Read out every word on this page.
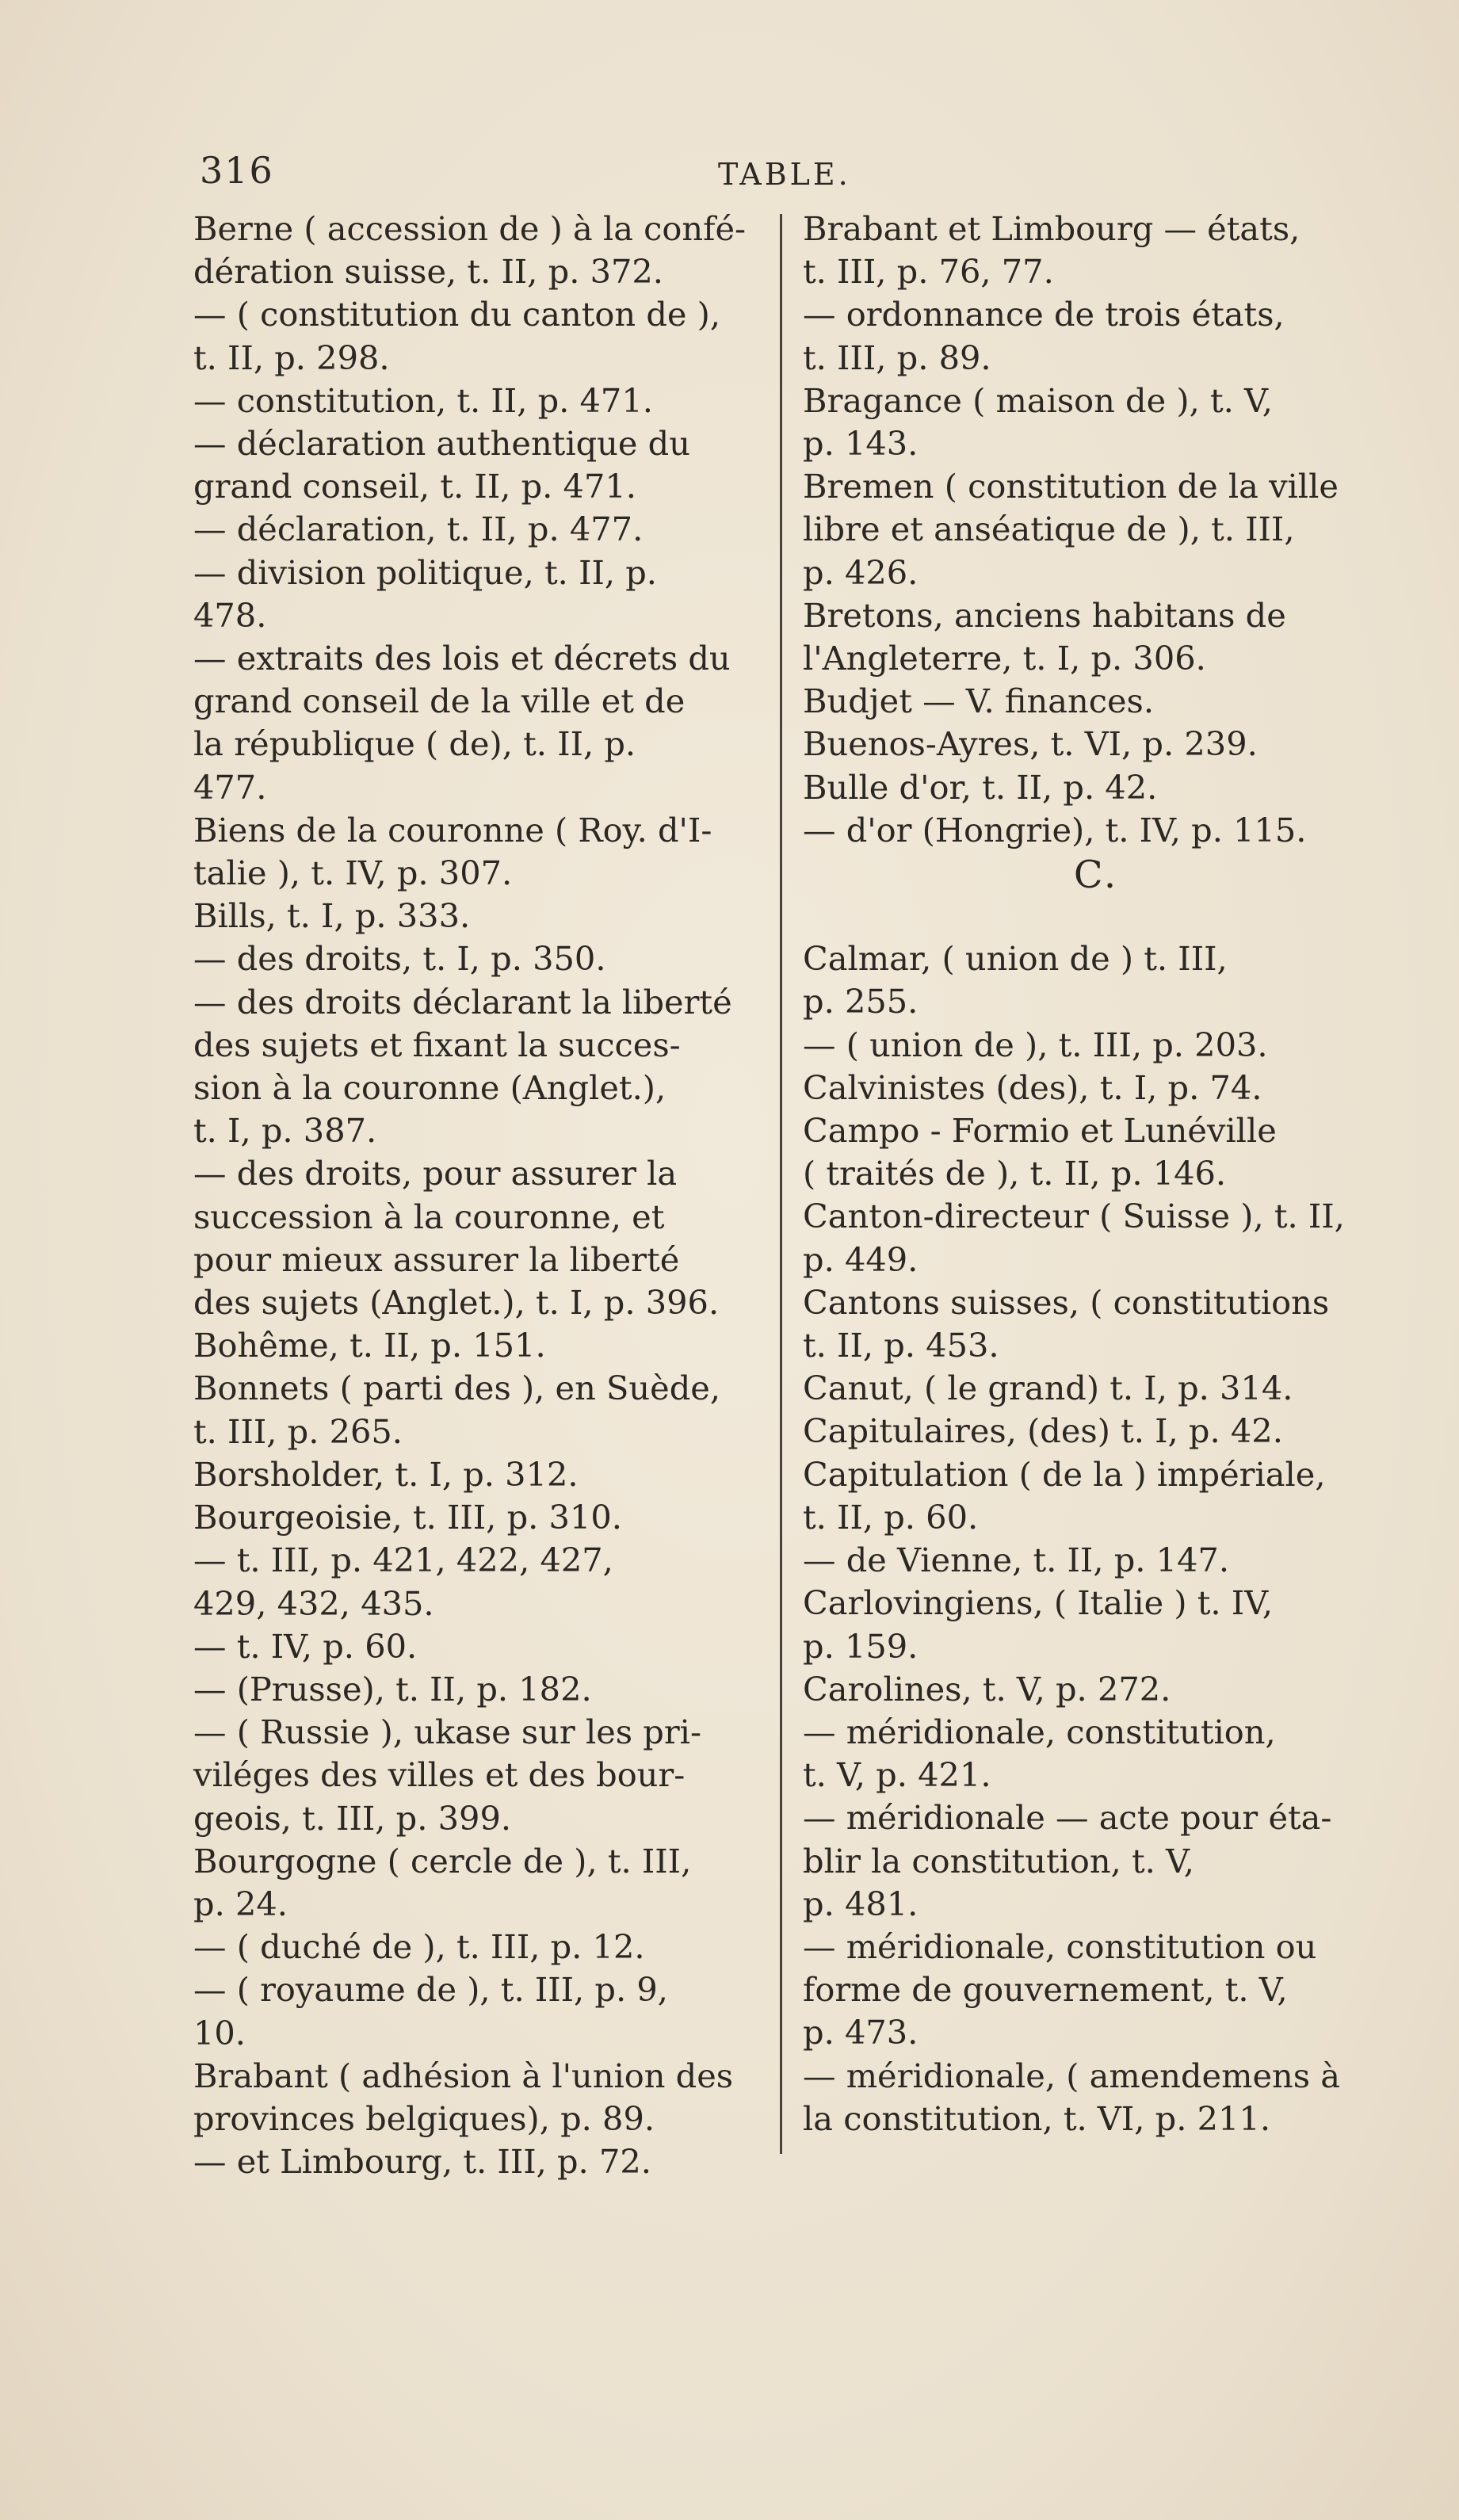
316	TABLE.
Berne ( accession de ) à la confé-
dération suisse, t. II, p. 372.
— ( constitution du canton de ),
t. II, p. 298.
— constitution, t. II, p. 471.
— déclaration authentique du
grand conseil, t. II, p. 471.
— déclaration, t. II, p. 477.
— division politique, t. II, p.
478.
— extraits des lois et décrets du
grand conseil de la ville et de
la république ( de), t. II, p.
477.
Biens de la couronne ( Roy. d'I-
talie ), t. IV, p. 307.
Bills, t. I, p. 333.
— des droits, t. I, p. 350.
— des droits déclarant la liberté
des sujets et fixant la succes-
sion à la couronne (Anglet.),
t. I, p. 387.
— des droits, pour assurer la
succession à la couronne, et
pour mieux assurer la liberté
des sujets (Anglet.), t. I, p. 396.
Bohême, t. II, p. 151.
Bonnets ( parti des ), en Suède,
t. III, p. 265.
Borsholder, t. I, p. 312.
Bourgeoisie, t. III, p. 310.
— t. III, p. 421, 422, 427,
429, 432, 435.
— t. IV, p. 60.
— (Prusse), t. II, p. 182.
— ( Russie ), ukase sur les pri-
viléges des villes et des bour-
geois, t. III, p. 399.
Bourgogne ( cercle de ), t. III,
p. 24.
— ( duché de ), t. III, p. 12.
— ( royaume de ), t. III, p. 9,
10.
Brabant ( adhésion à l'union des
provinces belgiques), p. 89.
— et Limbourg, t. III, p. 72.
Brabant et Limbourg — états,
t. III, p. 76, 77.
— ordonnance de trois états,
t. III, p. 89.
Bragance ( maison de ), t. V,
p. 143.
Bremen ( constitution de la ville
libre et anséatique de ), t. III,
p. 426.
Bretons, anciens habitans de
l'Angleterre, t. I, p. 306.
Budjet — V. finances.
Buenos-Ayres, t. VI, p. 239.
Bulle d'or, t. II, p. 42.
— d'or (Hongrie), t. IV, p. 115.
C.
Calmar, ( union de ) t. III,
p. 255.
— ( union de ), t. III, p. 203.
Calvinistes (des), t. I, p. 74.
Campo - Formio et Lunéville
( traités de ), t. II, p. 146.
Canton-directeur ( Suisse ), t. II,
p. 449.
Cantons suisses, ( constitutions
t. II, p. 453.
Canut, ( le grand) t. I, p. 314.
Capitulaires, (des) t. I, p. 42.
Capitulation ( de la ) impériale,
t. II, p. 60.
— de Vienne, t. II, p. 147.
Carlovingiens, ( Italie ) t. IV,
p. 159.
Carolines, t. V, p. 272.
— méridionale, constitution,
t. V, p. 421.
— méridionale — acte pour éta-
blir la constitution, t. V,
p. 481.
— méridionale, constitution ou
forme de gouvernement, t. V,
p. 473.
— méridionale, ( amendemens à
la constitution, t. VI, p. 211.
